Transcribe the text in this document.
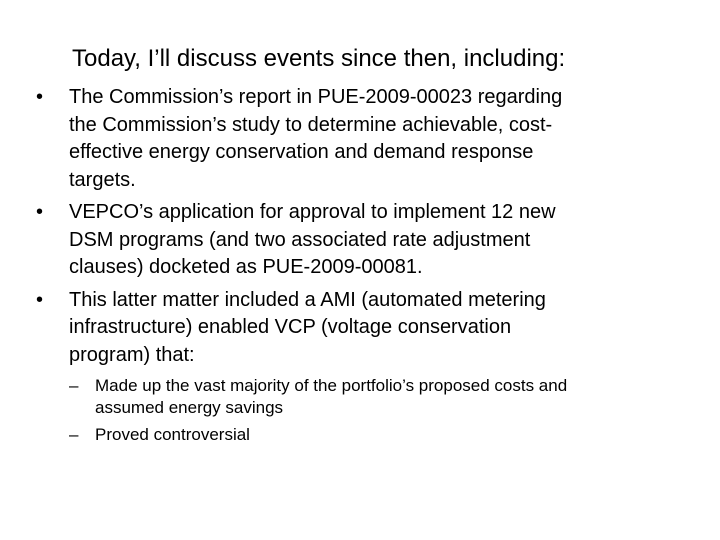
Today, I’ll discuss events since then, including:

•	The Commission’s report in PUE-2009-00023 regarding
the Commission’s study to determine achievable, cost-
effective energy conservation and demand response
targets.
•	VEPCO’s application for approval to implement 12 new
DSM programs (and two associated rate adjustment
clauses) docketed as PUE-2009-00081.
•	This latter matter included a AMI (automated metering
infrastructure) enabled VCP (voltage conservation
program) that:
– Made up the vast majority of the portfolio’s proposed costs and
assumed energy savings
– Proved controversial
